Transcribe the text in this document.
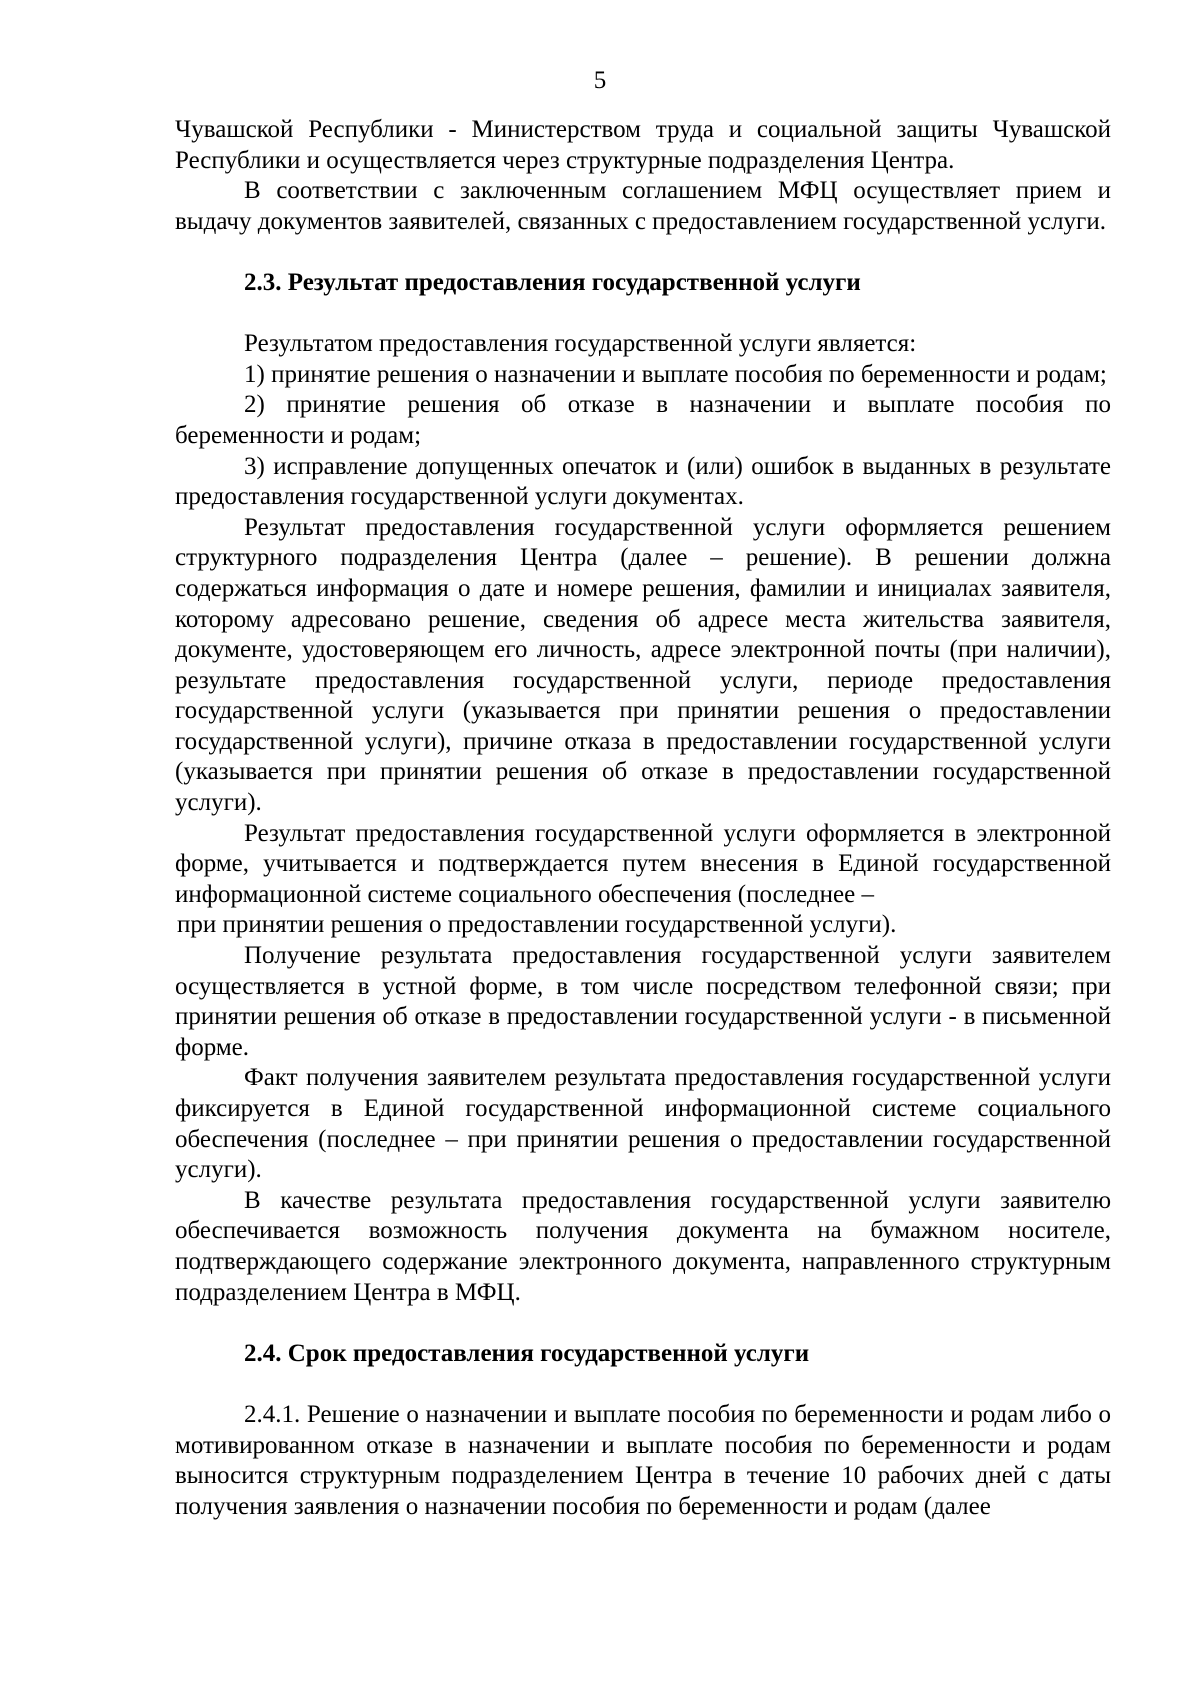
5

Чувашской Республики - Министерством труда и социальной защиты Чувашской Республики и осуществляется через структурные подразделения Центра.

В соответствии с заключенным соглашением МФЦ осуществляет прием и выдачу документов заявителей, связанных с предоставлением государственной услуги.

2.3. Результат предоставления государственной услуги

Результатом предоставления государственной услуги является:

1) принятие решения о назначении и выплате пособия по беременности и родам;

2) принятие решения об отказе в назначении и выплате пособия по беременности и родам;

3) исправление допущенных опечаток и (или) ошибок в выданных в результате предоставления государственной услуги документах.

Результат предоставления государственной услуги оформляется решением структурного подразделения Центра (далее – решение). В решении должна содержаться информация о дате и номере решения, фамилии и инициалах заявителя, которому адресовано решение, сведения об адресе места жительства заявителя, документе, удостоверяющем его личность, адресе электронной почты (при наличии), результате предоставления государственной услуги, периоде предоставления государственной услуги (указывается при принятии решения о предоставлении государственной услуги), причине отказа в предоставлении государственной услуги (указывается при принятии решения об отказе в предоставлении государственной услуги).

Результат предоставления государственной услуги оформляется в электронной форме, учитывается и подтверждается путем внесения в Единой государственной информационной системе социального обеспечения (последнее –

при принятии решения о предоставлении государственной услуги).

Получение результата предоставления государственной услуги заявителем осуществляется в устной форме, в том числе посредством телефонной связи; при принятии решения об отказе в предоставлении государственной услуги - в письменной форме.

Факт получения заявителем результата предоставления государственной услуги фиксируется в Единой государственной информационной системе социального обеспечения (последнее – при принятии решения о предоставлении государственной услуги).

В качестве результата предоставления государственной услуги заявителю обеспечивается возможность получения документа на бумажном носителе, подтверждающего содержание электронного документа, направленного структурным подразделением Центра в МФЦ.

2.4. Срок предоставления государственной услуги

2.4.1. Решение о назначении и выплате пособия по беременности и родам либо о мотивированном отказе в назначении и выплате пособия по беременности и родам выносится структурным подразделением Центра в течение 10 рабочих дней с даты получения заявления о назначении пособия по беременности и родам (далее
